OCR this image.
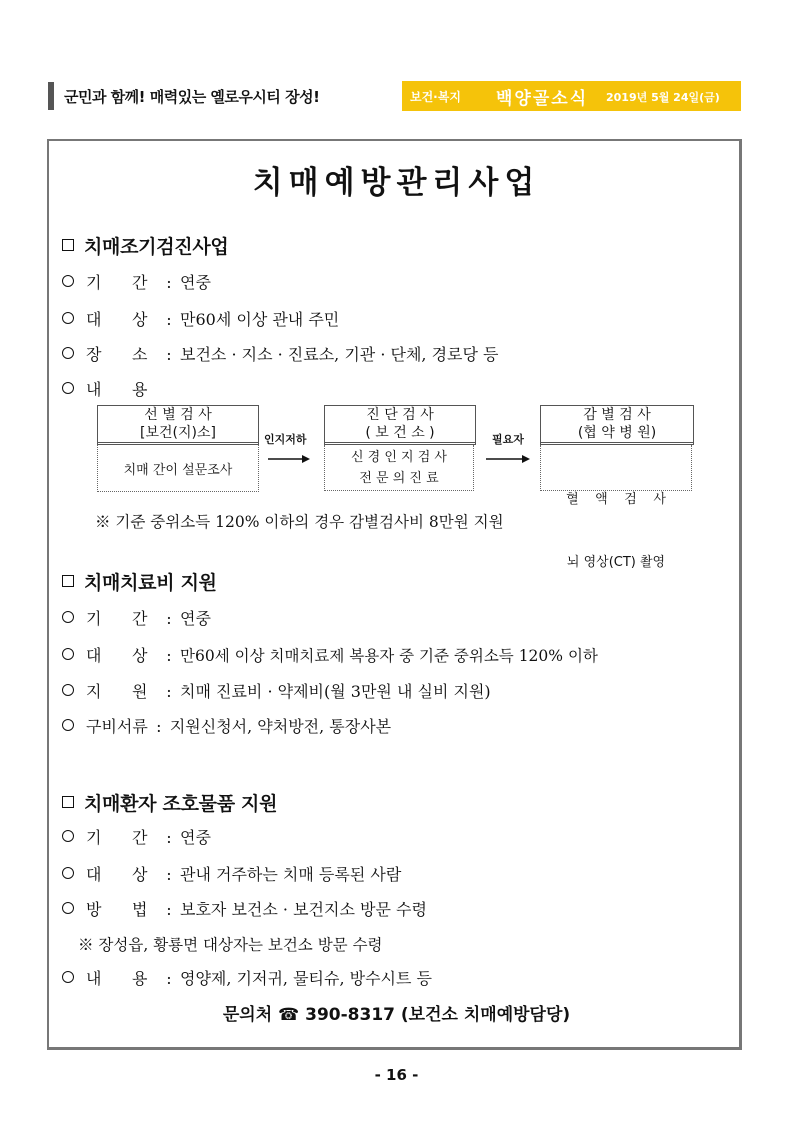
군민과 함께! 매력있는 옐로우시티 장성!	보건·복지 백양골소식 2019년 5월 24일(금)
치매예방관리사업
치매조기검진사업
기      간 : 연중
대      상 : 만60세 이상 관내 주민
장      소 : 보건소 · 지소 · 진료소, 기관 · 단체, 경로당 등
내      용
선 별 검 사
[보건(지)소]
치매 간이 설문조사
인지저하
진 단 검 사
( 보 건 소 )
신 경 인 지 검 사
전 문 의 진 료
필요자
감 별 검 사
(협 약 병 원)

혈    액    검    사

뇌 영상(CT) 촬영

※ 기준 중위소득 120% 이하의 경우 감별검사비 8만원 지원
치매치료비 지원
기      간 : 연중
대      상 : 만60세 이상 치매치료제 복용자 중 기준 중위소득 120% 이하
지      원 : 치매 진료비 · 약제비(월 3만원 내 실비 지원)
구비서류 : 지원신청서, 약처방전, 통장사본
치매환자 조호물품 지원
기      간 : 연중
대      상 : 관내 거주하는 치매 등록된 사람
방      법 : 보호자 보건소 · 보건지소 방문 수령
※ 장성읍, 황룡면 대상자는 보건소 방문 수령
내      용 : 영양제, 기저귀, 물티슈, 방수시트 등
문의처 ☎ 390-8317 (보건소 치매예방담당)
- 16 -
